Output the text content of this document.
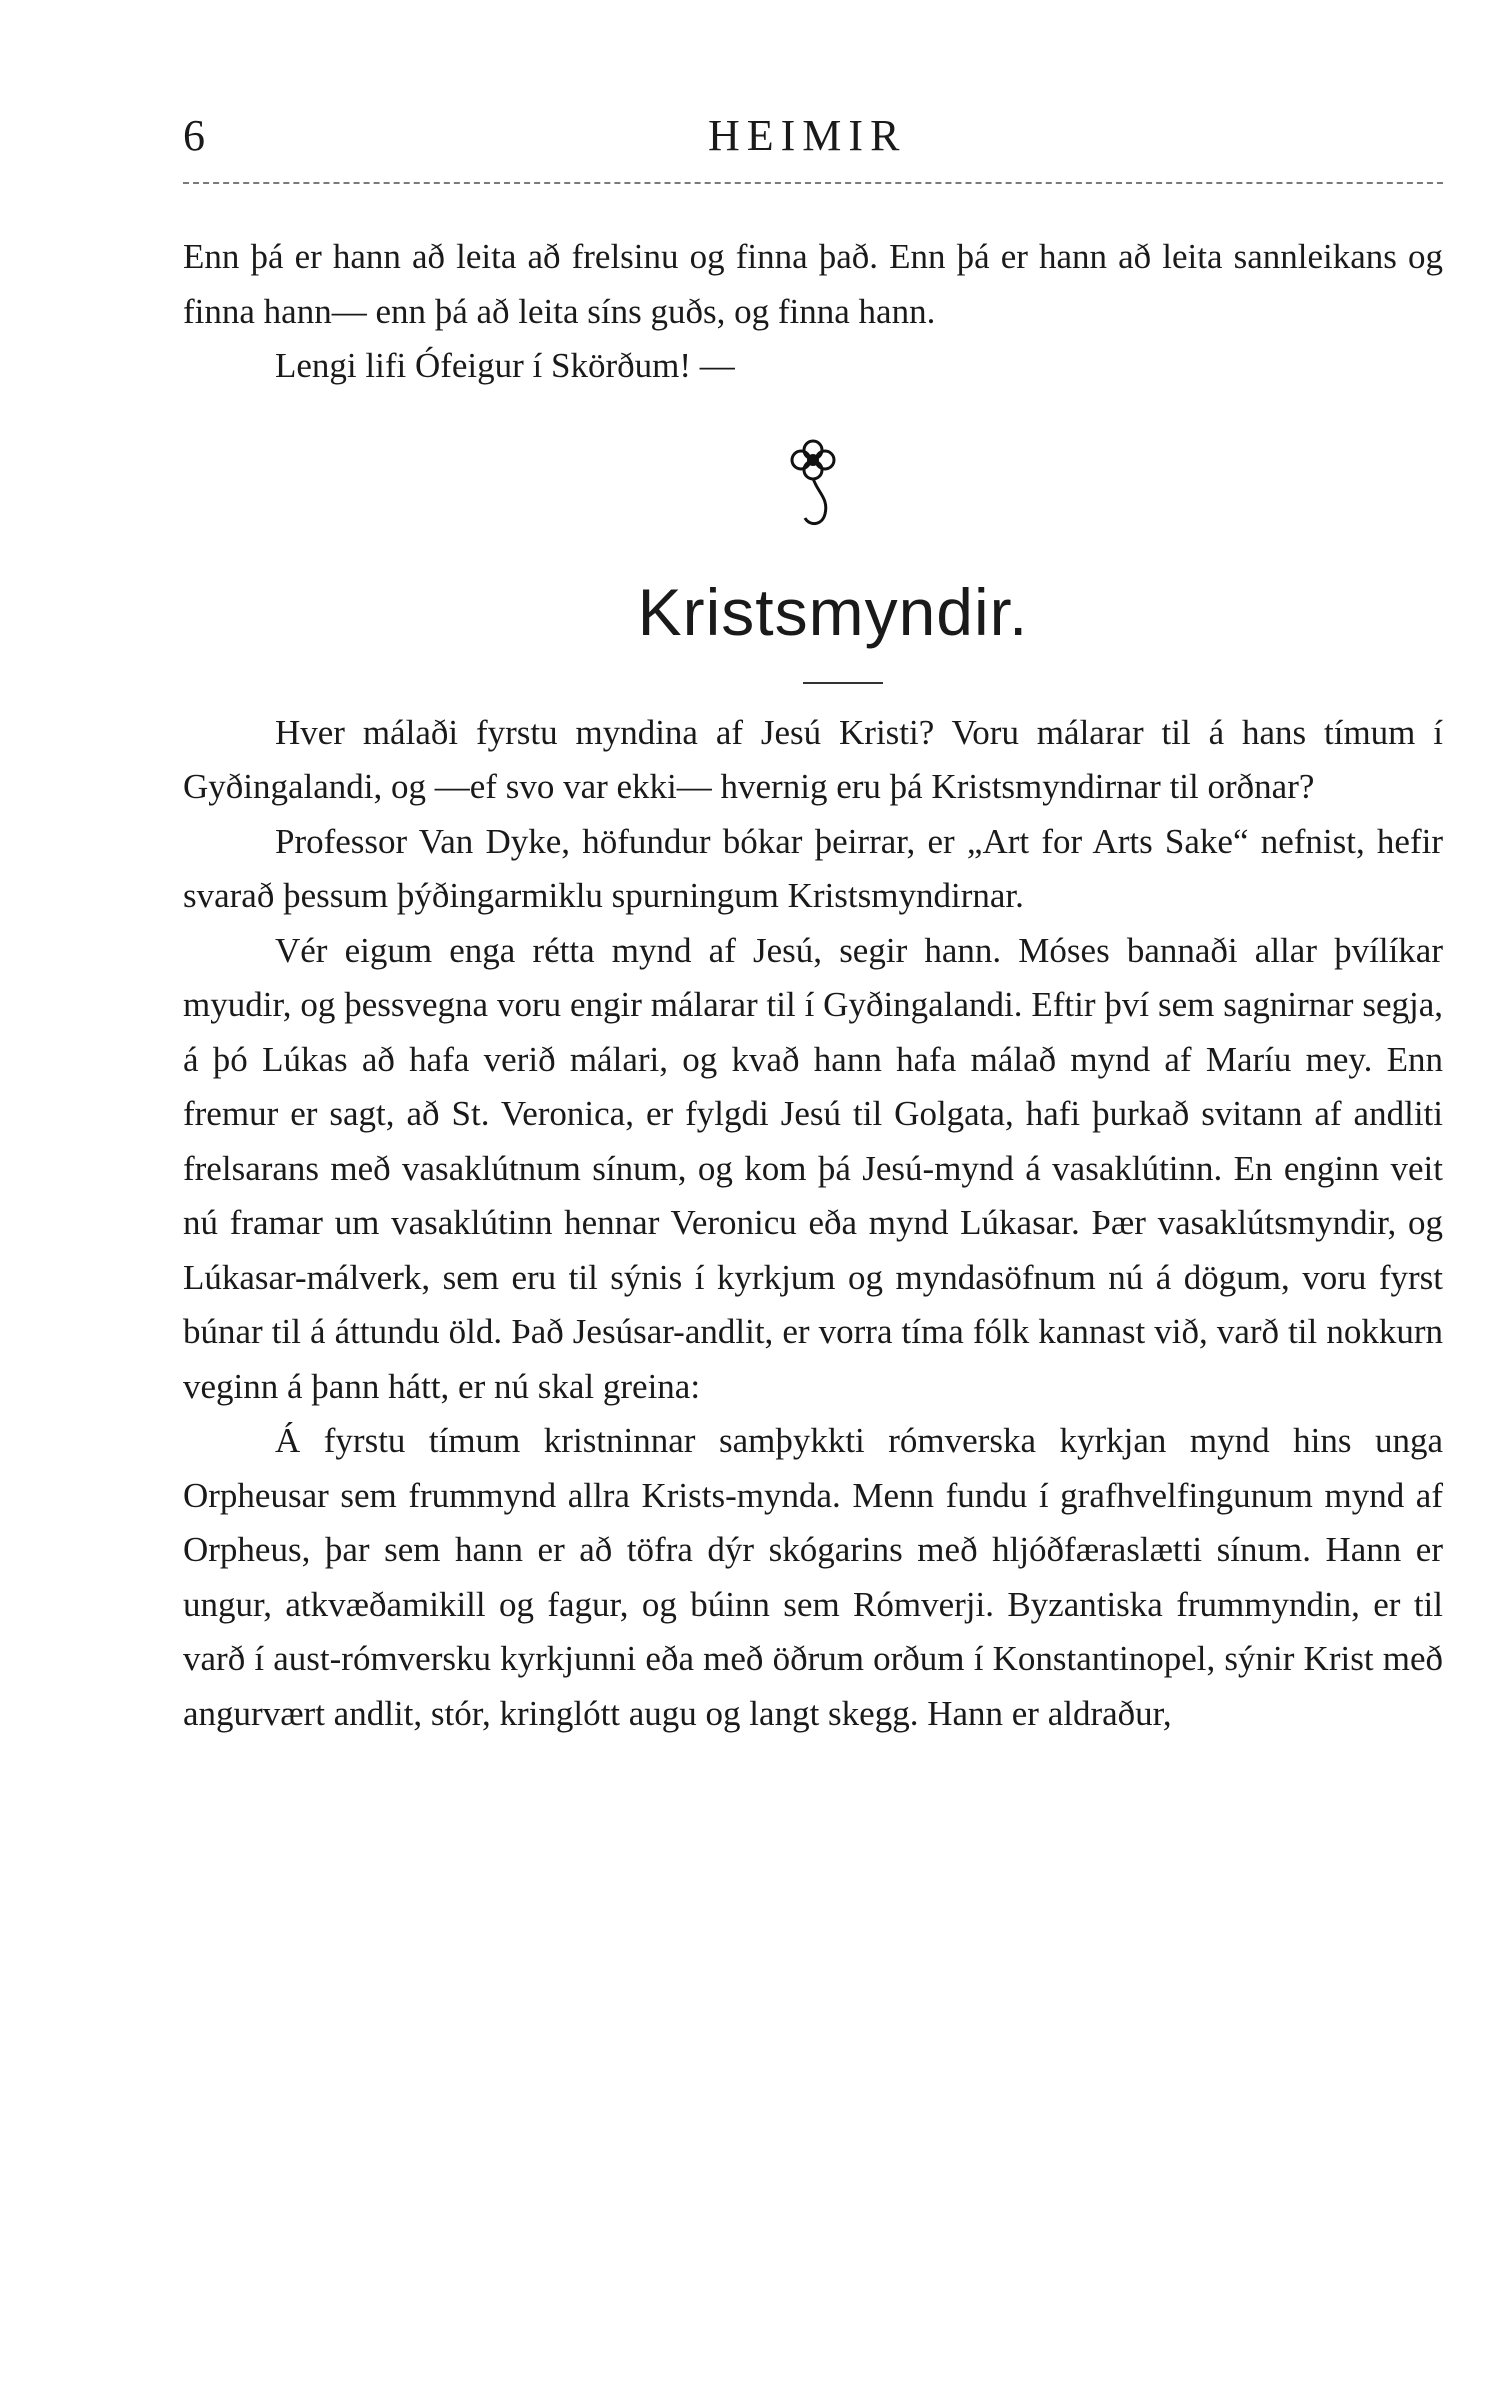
6	HEIMIR

Enn þá er hann að leita að frelsinu og finna það. Enn þá er hann að leita sannleikans og finna hann— enn þá að leita síns guðs, og finna hann.

Lengi lifi Ófeigur í Skörðum! —

Kristsmyndir.

Hver málaði fyrstu myndina af Jesú Kristi? Voru málarar til á hans tímum í Gyðingalandi, og —ef svo var ekki— hvernig eru þá Kristsmyndirnar til orðnar?

Professor Van Dyke, höfundur bókar þeirrar, er „Art for Arts Sake“ nefnist, hefir svarað þessum þýðingarmiklu spurningum Kristsmyndirnar.

Vér eigum enga rétta mynd af Jesú, segir hann. Móses bannaði allar þvílíkar myudir, og þessvegna voru engir málarar til í Gyðingalandi. Eftir því sem sagnirnar segja, á þó Lúkas að hafa verið málari, og kvað hann hafa málað mynd af Maríu mey. Enn fremur er sagt, að St. Veronica, er fylgdi Jesú til Golgata, hafi þurkað svitann af andliti frelsarans með vasaklútnum sínum, og kom þá Jesú-mynd á vasaklútinn. En enginn veit nú framar um vasaklútinn hennar Veronicu eða mynd Lúkasar. Þær vasaklútsmyndir, og Lúkasar-málverk, sem eru til sýnis í kyrkjum og myndasöfnum nú á dögum, voru fyrst búnar til á áttundu öld. Það Jesúsar-andlit, er vorra tíma fólk kannast við, varð til nokkurn veginn á þann hátt, er nú skal greina:

Á fyrstu tímum kristninnar samþykkti rómverska kyrkjan mynd hins unga Orpheusar sem frummynd allra Krists-mynda. Menn fundu í grafhvelfingunum mynd af Orpheus, þar sem hann er að töfra dýr skógarins með hljóðfæraslætti sínum. Hann er ungur, atkvæðamikill og fagur, og búinn sem Rómverji. Byzantiska frummyndin, er til varð í aust-rómversku kyrkjunni eða með öðrum orðum í Konstantinopel, sýnir Krist með angurvært andlit, stór, kringlótt augu og langt skegg. Hann er aldraður,
